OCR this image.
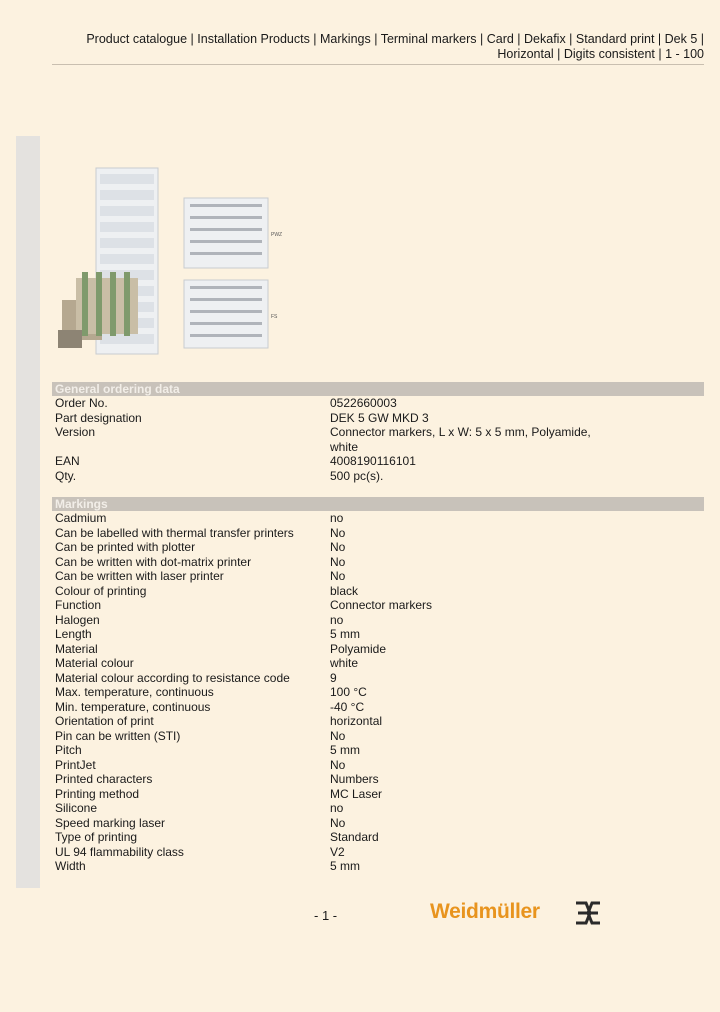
Product catalogue | Installation Products | Markings | Terminal markers | Card | Dekafix | Standard print | Dek 5 |
Horizontal | Digits consistent | 1 - 100
PWZ
FS
General ordering data
Order No.	0522660003
Part designation	DEK 5 GW MKD 3
Version	Connector markers, L x W: 5 x 5 mm, Polyamide, white
EAN	4008190116101
Qty.	500 pc(s).
Markings
Cadmium	no
Can be labelled with thermal transfer printers	No
Can be printed with plotter	No
Can be written with dot-matrix printer	No
Can be written with laser printer	No
Colour of printing	black
Function	Connector markers
Halogen	no
Length	5 mm
Material	Polyamide
Material colour	white
Material colour according to resistance code	9
Max. temperature, continuous	100 °C
Min. temperature, continuous	-40 °C
Orientation of print	horizontal
Pin can be written (STI)	No
Pitch	5 mm
PrintJet	No
Printed characters	Numbers
Printing method	MC Laser
Silicone	no
Speed marking laser	No
Type of printing	Standard
UL 94 flammability class	V2
Width	5 mm
- 1 -	Weidmüller
